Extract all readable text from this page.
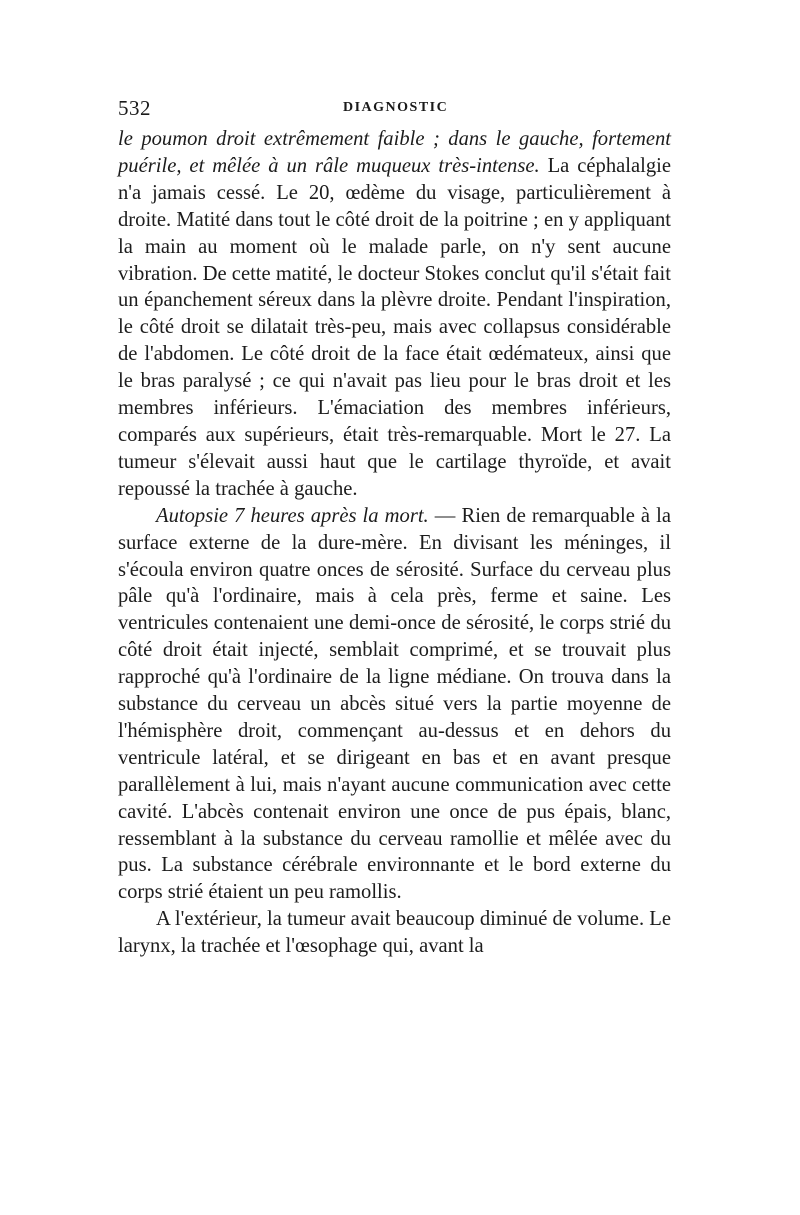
532	DIAGNOSTIC

le poumon droit extrêmement faible ; dans le gauche, fortement puérile, et mêlée à un râle muqueux très-intense. La céphalalgie n'a jamais cessé. Le 20, œdème du visage, particulièrement à droite. Matité dans tout le côté droit de la poitrine ; en y appliquant la main au moment où le malade parle, on n'y sent aucune vibration. De cette matité, le docteur Stokes conclut qu'il s'était fait un épanchement séreux dans la plèvre droite. Pendant l'inspiration, le côté droit se dilatait très-peu, mais avec collapsus considérable de l'abdomen. Le côté droit de la face était œdémateux, ainsi que le bras paralysé ; ce qui n'avait pas lieu pour le bras droit et les membres inférieurs. L'émaciation des membres inférieurs, comparés aux supérieurs, était très-remarquable. Mort le 27. La tumeur s'élevait aussi haut que le cartilage thyroïde, et avait repoussé la trachée à gauche.

Autopsie 7 heures après la mort. — Rien de remarquable à la surface externe de la dure-mère. En divisant les méninges, il s'écoula environ quatre onces de sérosité. Surface du cerveau plus pâle qu'à l'ordinaire, mais à cela près, ferme et saine. Les ventricules contenaient une demi-once de sérosité, le corps strié du côté droit était injecté, semblait comprimé, et se trouvait plus rapproché qu'à l'ordinaire de la ligne médiane. On trouva dans la substance du cerveau un abcès situé vers la partie moyenne de l'hémisphère droit, commençant au-dessus et en dehors du ventricule latéral, et se dirigeant en bas et en avant presque parallèlement à lui, mais n'ayant aucune communication avec cette cavité. L'abcès contenait environ une once de pus épais, blanc, ressemblant à la substance du cerveau ramollie et mêlée avec du pus. La substance cérébrale environnante et le bord externe du corps strié étaient un peu ramollis.

A l'extérieur, la tumeur avait beaucoup diminué de volume. Le larynx, la trachée et l'œsophage qui, avant la
